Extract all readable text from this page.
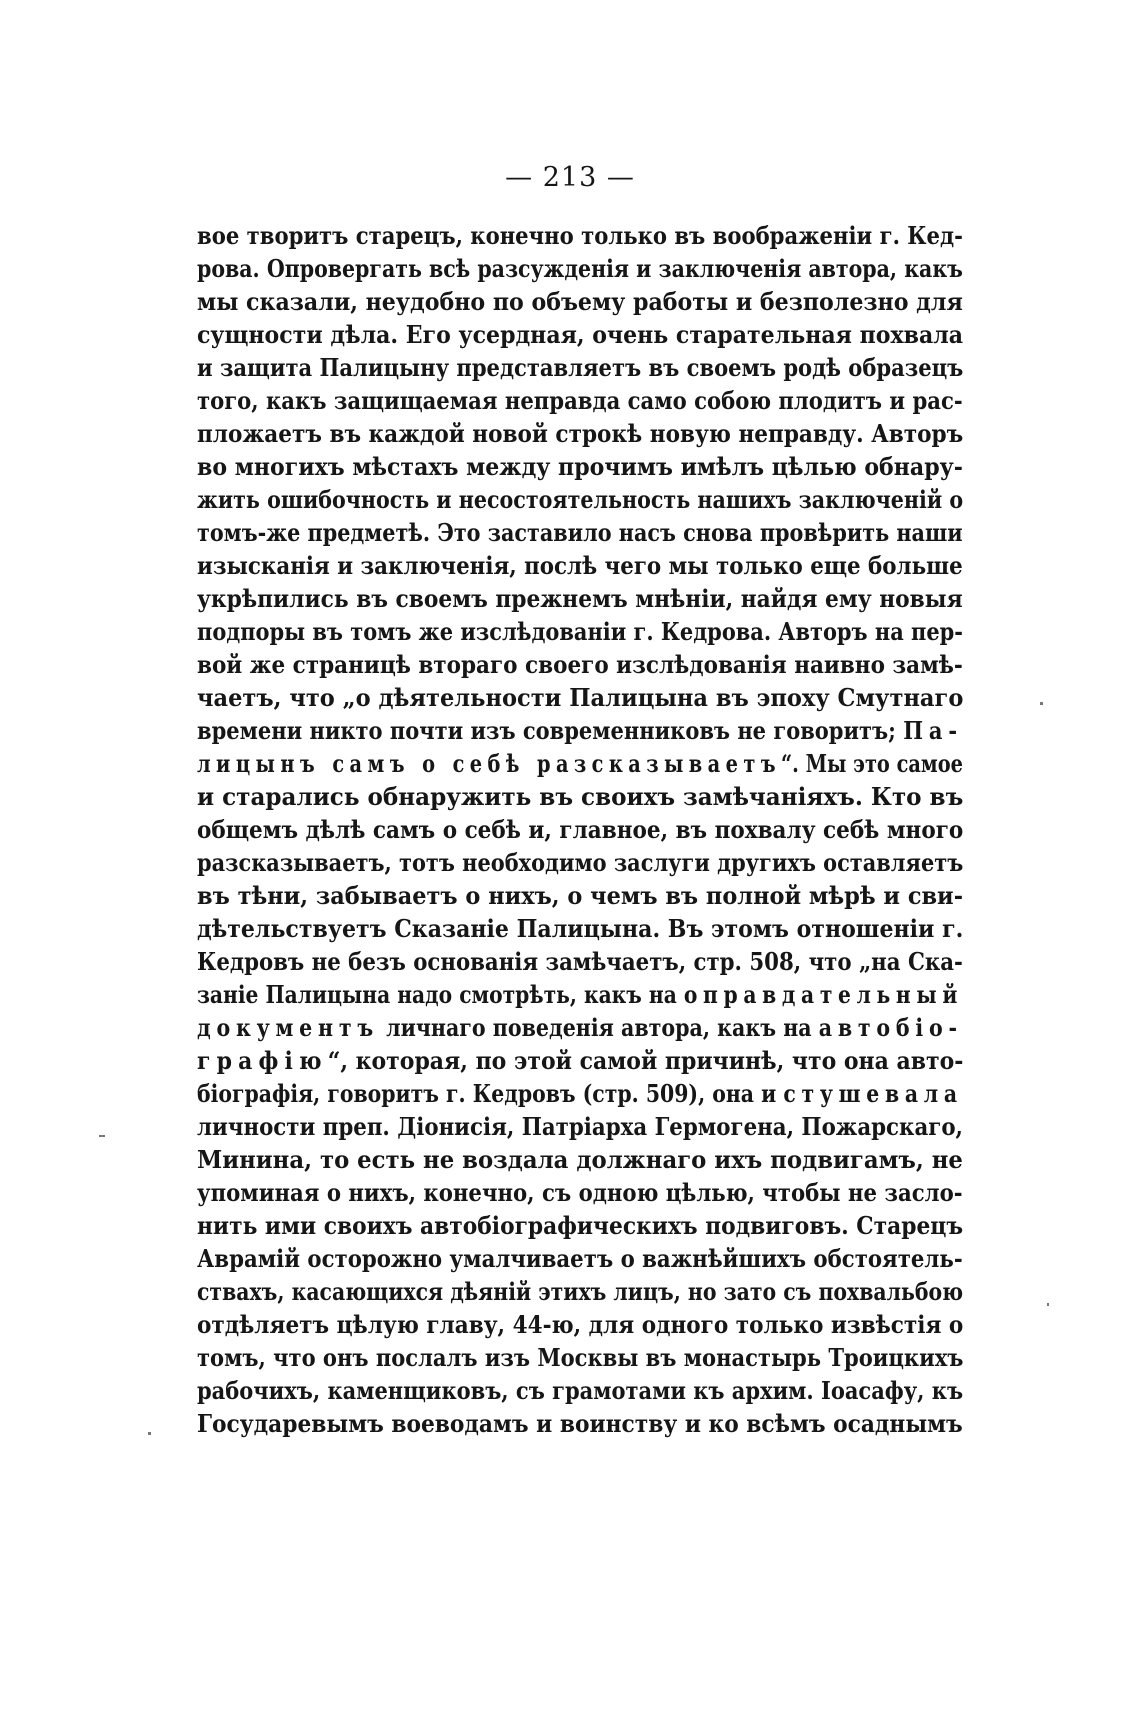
— 213 —
вое творитъ старецъ, конечно только въ воображеніи г. Кед-
рова. Опровергать всѣ разсужденія и заключенія автора, какъ
мы сказали, неудобно по объему работы и безполезно для
сущности дѣла. Его усердная, очень старательная похвала
и защита Палицыну представляетъ въ своемъ родѣ образецъ
того, какъ защищаемая неправда само собою плодитъ и рас-
пложаетъ въ каждой новой строкѣ новую неправду. Авторъ
во многихъ мѣстахъ между прочимъ имѣлъ цѣлью обнару-
жить ошибочность и несостоятельность нашихъ заключеній о
томъ-же предметѣ. Это заставило насъ снова провѣрить наши
изысканія и заключенія, послѣ чего мы только еще больше
укрѣпились въ своемъ прежнемъ мнѣніи, найдя ему новыя
подпоры въ томъ же изслѣдованіи г. Кедрова. Авторъ на пер-
вой же страницѣ втораго своего изслѣдованія наивно замѣ-
чаетъ, что „о дѣятельности Палицына въ эпоху Смутнаго
времени никто почти изъ современниковъ не говоритъ; Па-
лицынъ самъ о себѣ разсказываетъ“. Мы это самое
и старались обнаружить въ своихъ замѣчаніяхъ. Кто въ
общемъ дѣлѣ самъ о себѣ и, главное, въ похвалу себѣ много
разсказываетъ, тотъ необходимо заслуги другихъ оставляетъ
въ тѣни, забываетъ о нихъ, о чемъ въ полной мѣрѣ и сви-
дѣтельствуетъ Сказаніе Палицына. Въ этомъ отношеніи г.
Кедровъ не безъ основанія замѣчаетъ, стр. 508, что „на Ска-
заніе Палицына надо смотрѣть, какъ на оправдательный
документъ личнаго поведенія автора, какъ на автобіо-
графію“, которая, по этой самой причинѣ, что она авто-
біографія, говоритъ г. Кедровъ (стр. 509), она и стушевала
личности преп. Діонисія, Патріарха Гермогена, Пожарскаго,
Минина, то есть не воздала должнаго ихъ подвигамъ, не
упоминая о нихъ, конечно, съ одною цѣлью, чтобы не засло-
нить ими своихъ автобіографическихъ подвиговъ. Старецъ
Аврамій осторожно умалчиваетъ о важнѣйшихъ обстоятель-
ствахъ, касающихся дѣяній этихъ лицъ, но зато съ похвальбою
отдѣляетъ цѣлую главу, 44-ю, для одного только извѣстія о
томъ, что онъ послалъ изъ Москвы въ монастырь Троицкихъ
рабочихъ, каменщиковъ, съ грамотами къ архим. Іоасафу, къ
Государевымъ воеводамъ и воинству и ко всѣмъ осаднымъ
